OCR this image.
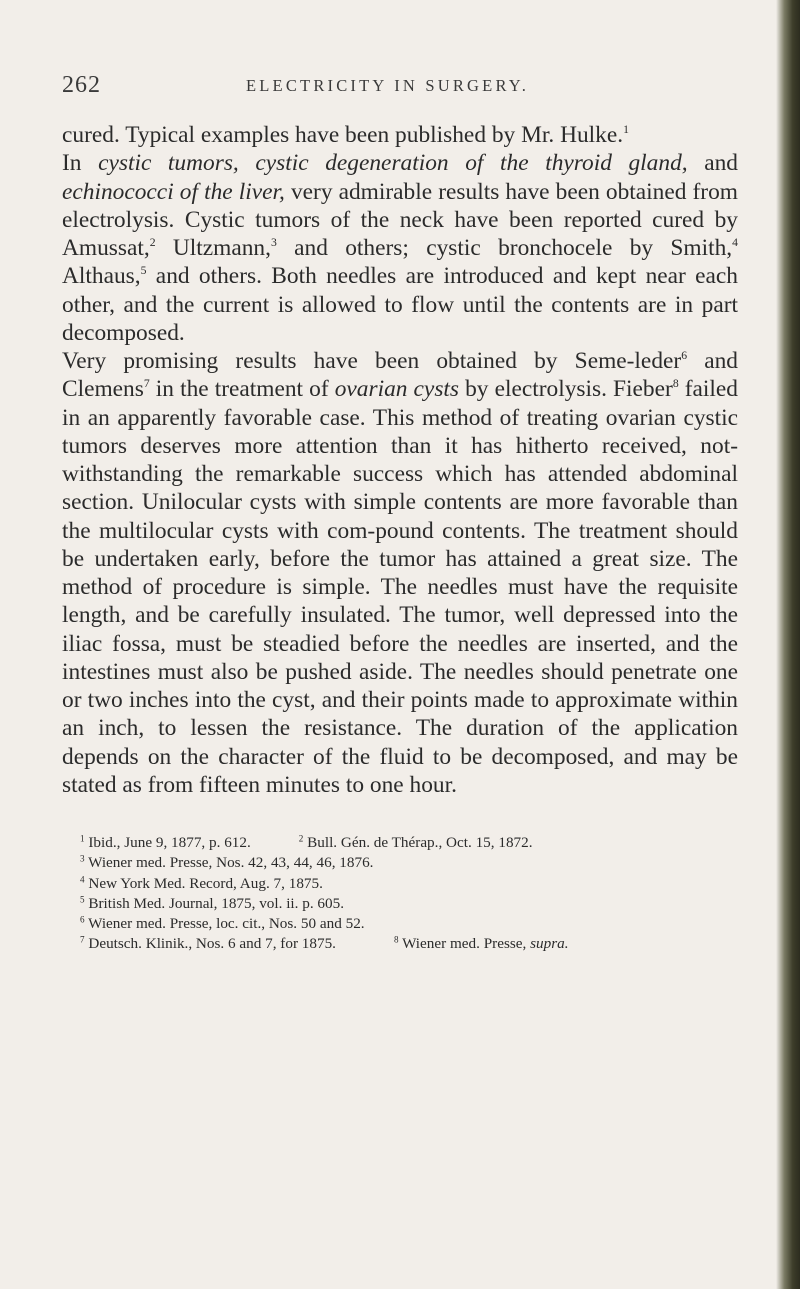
262	ELECTRICITY IN SURGERY.

cured. Typical examples have been published by Mr. Hulke.$^1$

In cystic tumors, cystic degeneration of the thyroid gland, and echinococci of the liver, very admirable results have been obtained from electrolysis. Cystic tumors of the neck have been reported cured by Amussat,$^2$ Ultzmann,$^3$ and others; cystic bronchocele by Smith,$^4$ Althaus,$^5$ and others. Both needles are introduced and kept near each other, and the current is allowed to flow until the contents are in part decomposed.

Very promising results have been obtained by Seme-leder$^6$ and Clemens$^7$ in the treatment of ovarian cysts by electrolysis. Fieber$^8$ failed in an apparently favorable case. This method of treating ovarian cystic tumors deserves more attention than it has hitherto received, not-withstanding the remarkable success which has attended abdominal section. Unilocular cysts with simple contents are more favorable than the multilocular cysts with com-pound contents. The treatment should be undertaken early, before the tumor has attained a great size. The method of procedure is simple. The needles must have the requisite length, and be carefully insulated. The tumor, well depressed into the iliac fossa, must be steadied before the needles are inserted, and the intestines must also be pushed aside. The needles should penetrate one or two inches into the cyst, and their points made to approximate within an inch, to lessen the resistance. The duration of the application depends on the character of the fluid to be decomposed, and may be stated as from fifteen minutes to one hour.

$^1$ Ibid., June 9, 1877, p. 612.	$^2$ Bull. Gén. de Thérap., Oct. 15, 1872.
$^3$ Wiener med. Presse, Nos. 42, 43, 44, 46, 1876.
$^4$ New York Med. Record, Aug. 7, 1875.
$^5$ British Med. Journal, 1875, vol. ii. p. 605.
$^6$ Wiener med. Presse, loc. cit., Nos. 50 and 52.
$^7$ Deutsch. Klinik., Nos. 6 and 7, for 1875.	$^8$ Wiener med. Presse, supra.
